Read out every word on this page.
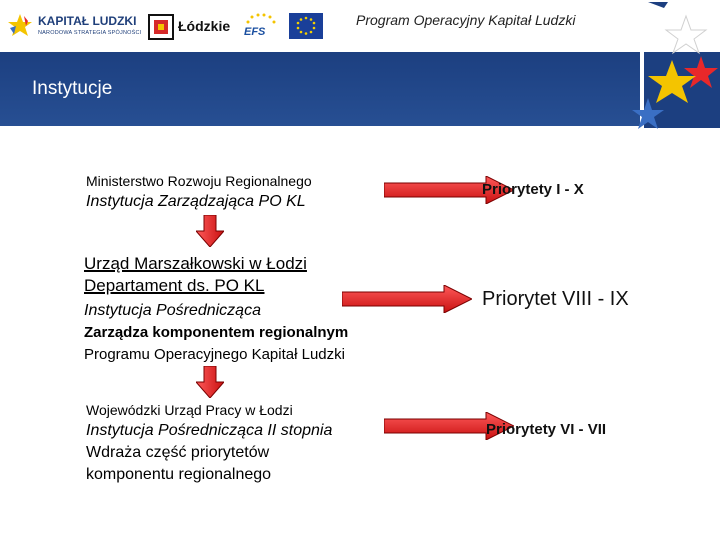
KAPITAŁ LUDZKI
NARODOWA STRATEGIA SPÓJNOŚCI	Łódzkie EFS
Program Operacyjny Kapitał Ludzki
Instytucje
Ministerstwo Rozwoju Regionalnego
Instytucja Zarządzająca PO KL
Priorytety I - X
Urząd Marszałkowski w Łodzi
Departament ds. PO KL
Instytucja Pośrednicząca
Zarządza komponentem regionalnym
Programu Operacyjnego Kapitał Ludzki
Priorytet VIII - IX
Wojewódzki Urząd Pracy w Łodzi
Instytucja Pośrednicząca II stopnia
Wdraża część priorytetów
komponentu regionalnego
Priorytety VI - VII
